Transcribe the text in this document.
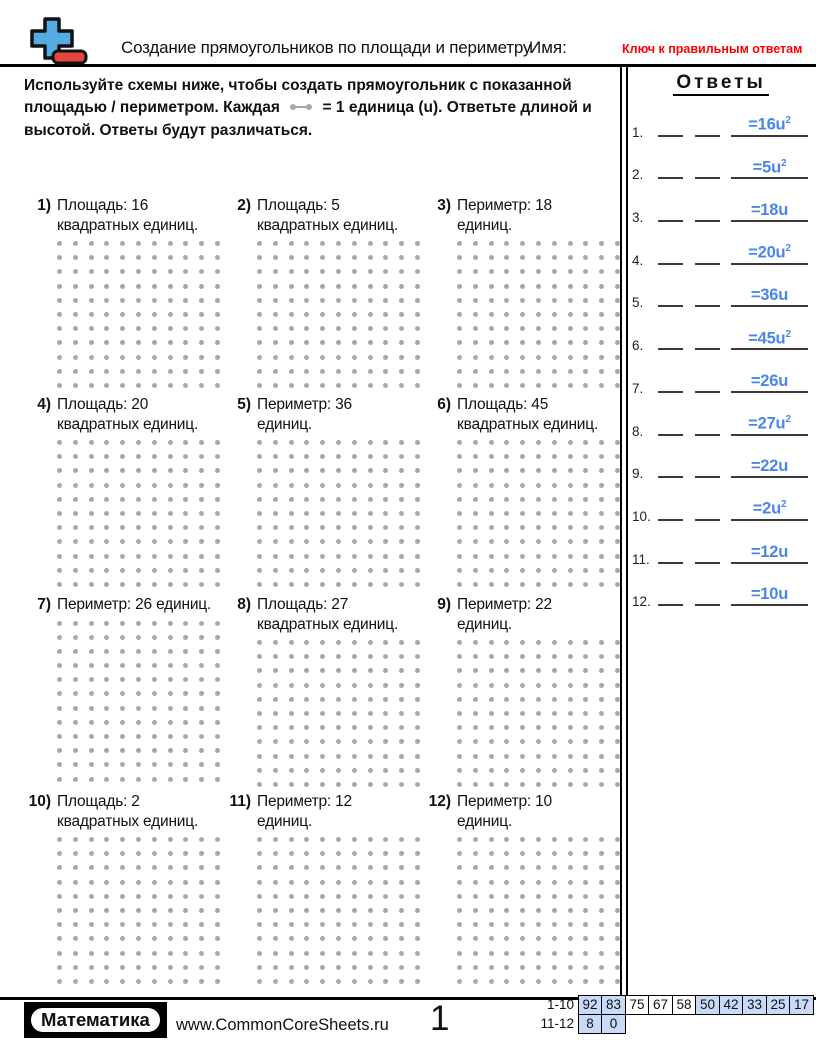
Создание прямоугольников по площади и периметру
Имя:	Ключ к правильным ответам
Используйте схемы ниже, чтобы создать прямоугольник с показанной площадью / периметром. Каждая	= 1 единица (u). Ответьте длиной и высотой. Ответы будут различаться.
1) Площадь: 16
квадратных единиц.
2) Площадь: 5
квадратных единиц.
3) Периметр: 18
единиц.
4) Площадь: 20
квадратных единиц.
5) Периметр: 36
единиц.
6) Площадь: 45
квадратных единиц.
7) Периметр: 26 единиц.	8) Площадь: 27
квадратных единиц.
9) Периметр: 22
единиц.
10) Площадь: 2
квадратных единиц.
11) Периметр: 12
единиц.
12) Периметр: 10
единиц.
Ответы
1.	$=16u^2$
2.	$=5u^2$
3.	=18u
4.	$=20u^2$
5.	=36u
6.	$=45u^2$
7.	=26u
8.	$=27u^2$
9.	=22u
10.	$=2u^2$
11.	=12u
12.	=10u
Математика	www.CommonCoreSheets.ru 1	1-10 92 83 75 67 58 50 42 33 25 17
11-12 8	0
